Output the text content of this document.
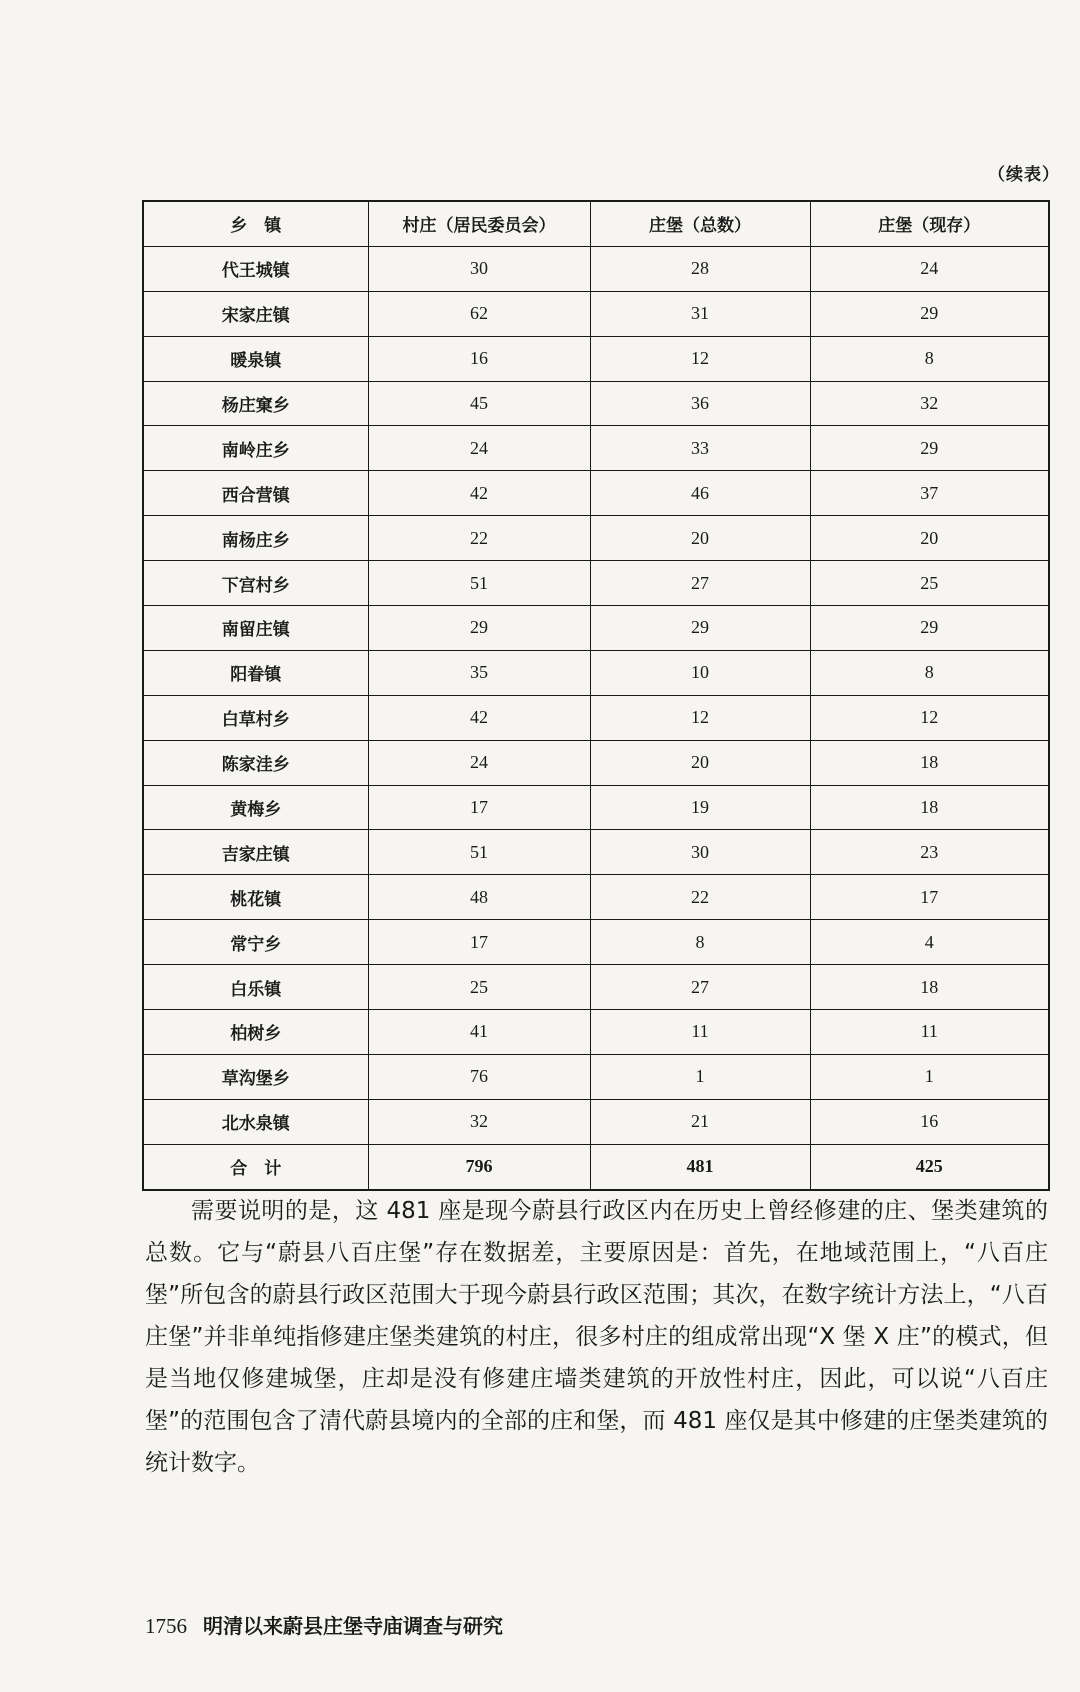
（续表）
乡　镇	村庄（居民委员会）	庄堡（总数）	庄堡（现存）
代王城镇	30	28	24
宋家庄镇	62	31	29
暖泉镇	16	12	8
杨庄窠乡	45	36	32
南岭庄乡	24	33	29
西合营镇	42	46	37
南杨庄乡	22	20	20
下宫村乡	51	27	25
南留庄镇	29	29	29
阳眷镇	35	10	8
白草村乡	42	12	12
陈家洼乡	24	20	18
黄梅乡	17	19	18
吉家庄镇	51	30	23
桃花镇	48	22	17
常宁乡	17	8	4
白乐镇	25	27	18
柏树乡	41	11	11
草沟堡乡	76	1	1
北水泉镇	32	21	16
合　计	796	481	425

需要说明的是，这 481 座是现今蔚县行政区内在历史上曾经修建的庄、堡类建筑的总数。它与“蔚县八百庄堡”存在数据差，主要原因是：首先，在地域范围上，“八百庄堡”所包含的蔚县行政区范围大于现今蔚县行政区范围；其次，在数字统计方法上，“八百庄堡”并非单纯指修建庄堡类建筑的村庄，很多村庄的组成常出现“X 堡 X 庄”的模式，但是当地仅修建城堡，庄却是没有修建庄墙类建筑的开放性村庄，因此，可以说“八百庄堡”的范围包含了清代蔚县境内的全部的庄和堡，而 481 座仅是其中修建的庄堡类建筑的统计数字。

1756 明清以来蔚县庄堡寺庙调查与研究
